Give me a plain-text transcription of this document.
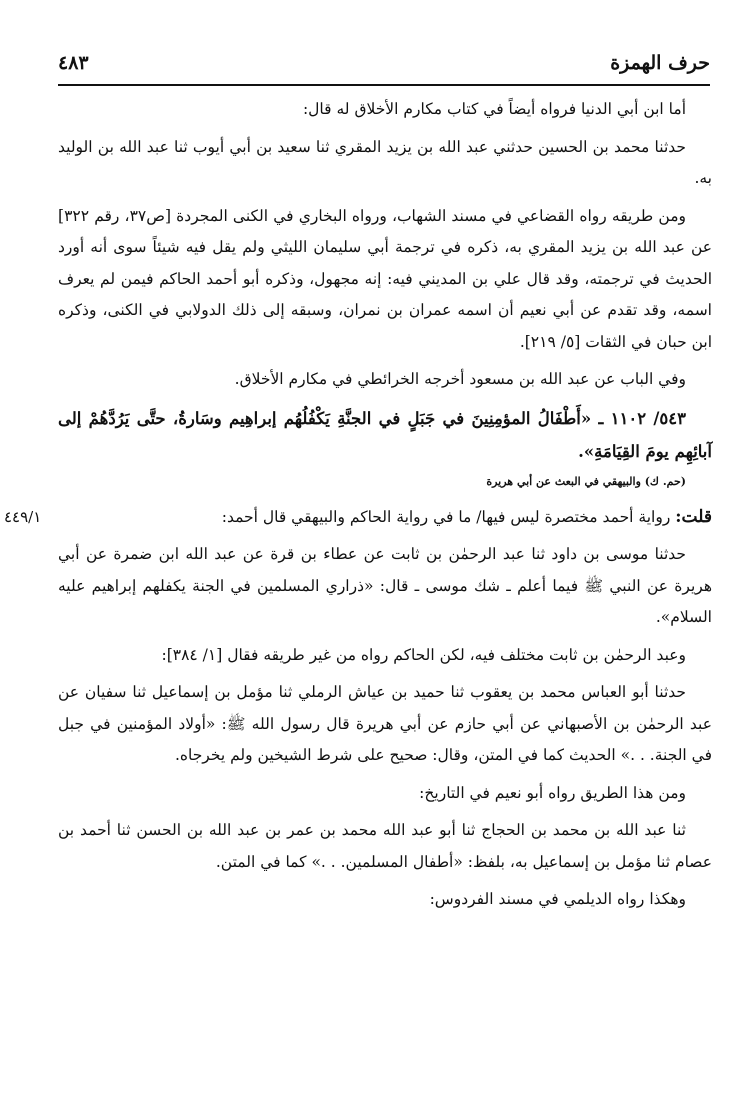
حرف الهمزة
٤٨٣

أما ابن أبي الدنيا فرواه أيضاً في كتاب مكارم الأخلاق له قال:

حدثنا محمد بن الحسين حدثني عبد الله بن يزيد المقري ثنا سعيد بن أبي أيوب ثنا عبد الله بن الوليد به.

ومن طريقه رواه القضاعي في مسند الشهاب، ورواه البخاري في الكنى المجردة [ص٣٧، رقم ٣٢٢] عن عبد الله بن يزيد المقري به، ذكره في ترجمة أبي سليمان الليثي ولم يقل فيه شيئاً سوى أنه أورد الحديث في ترجمته، وقد قال علي بن المديني فيه: إنه مجهول، وذكره أبو أحمد الحاكم فيمن لم يعرف اسمه، وقد تقدم عن أبي نعيم أن اسمه عمران بن نمران، وسبقه إلى ذلك الدولابي في الكنى، وذكره ابن حبان في الثقات [٥/ ٢١٩].

وفي الباب عن عبد الله بن مسعود أخرجه الخرائطي في مكارم الأخلاق.

٥٤٣/ ١١٠٢ ـ «أَطْفَالُ المؤمِنِينَ في جَبَلٍ في الجنَّةِ يَكْفُلُهُم إبراهِيم وسَارةُ، حتَّى يَرُدَّهُمْ إلى آبائِهِم يومَ القِيَامَةِ».

(حم. ك) والبيهقي في البعث عن أبي هريرة

قلت: رواية أحمد مختصرة ليس فيها/ ما في رواية الحاكم والبيهقي قال أحمد:
٤٤٩/١

حدثنا موسى بن داود ثنا عبد الرحمٰن بن ثابت عن عطاء بن قرة عن عبد الله ابن ضمرة عن أبي هريرة عن النبي ﷺ فيما أعلم ـ شك موسى ـ قال: «ذراري المسلمين في الجنة يكفلهم إبراهيم عليه السلام».

وعبد الرحمٰن بن ثابت مختلف فيه، لكن الحاكم رواه من غير طريقه فقال [١/ ٣٨٤]:

حدثنا أبو العباس محمد بن يعقوب ثنا حميد بن عياش الرملي ثنا مؤمل بن إسماعيل ثنا سفيان عن عبد الرحمٰن بن الأصبهاني عن أبي حازم عن أبي هريرة قال رسول الله ﷺ: «أولاد المؤمنين في جبل في الجنة. . .» الحديث كما في المتن، وقال: صحيح على شرط الشيخين ولم يخرجاه.

ومن هذا الطريق رواه أبو نعيم في التاريخ:

ثنا عبد الله بن محمد بن الحجاج ثنا أبو عبد الله محمد بن عمر بن عبد الله بن الحسن ثنا أحمد بن عصام ثنا مؤمل بن إسماعيل به، بلفظ: «أطفال المسلمين. . .» كما في المتن.

وهكذا رواه الديلمي في مسند الفردوس:
